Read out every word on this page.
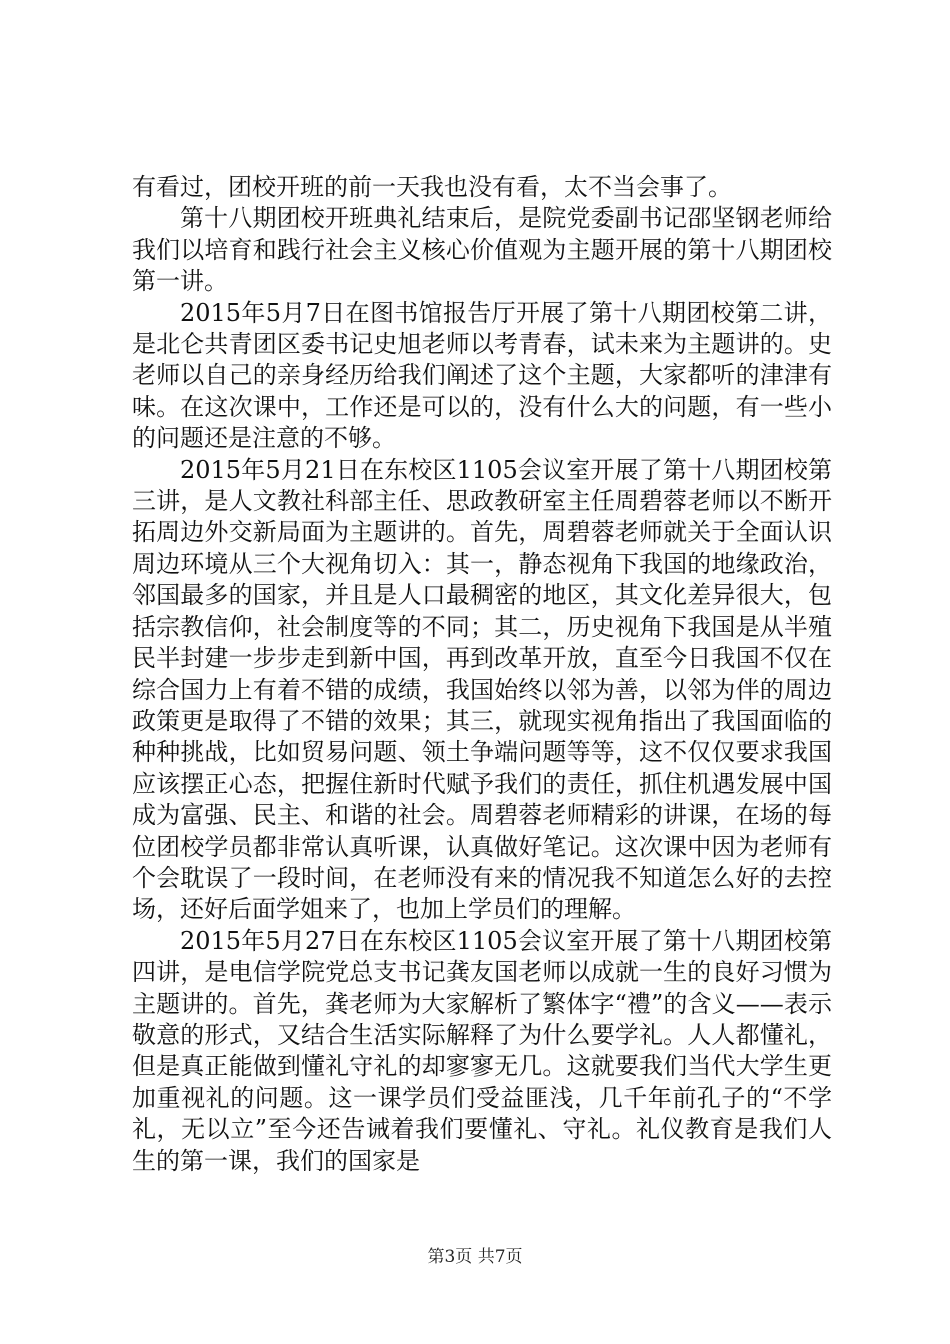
有看过，团校开班的前一天我也没有看，太不当会事了。

第十八期团校开班典礼结束后，是院党委副书记邵坚钢老师给我们以培育和践行社会主义核心价值观为主题开展的第十八期团校第一讲。

2015年5月7日在图书馆报告厅开展了第十八期团校第二讲，是北仑共青团区委书记史旭老师以考青春，试未来为主题讲的。史老师以自己的亲身经历给我们阐述了这个主题，大家都听的津津有味。在这次课中，工作还是可以的，没有什么大的问题，有一些小的问题还是注意的不够。

2015年5月21日在东校区1105会议室开展了第十八期团校第三讲，是人文教社科部主任、思政教研室主任周碧蓉老师以不断开拓周边外交新局面为主题讲的。首先，周碧蓉老师就关于全面认识周边环境从三个大视角切入：其一，静态视角下我国的地缘政治，邻国最多的国家，并且是人口最稠密的地区，其文化差异很大，包括宗教信仰，社会制度等的不同；其二，历史视角下我国是从半殖民半封建一步步走到新中国，再到改革开放，直至今日我国不仅在综合国力上有着不错的成绩，我国始终以邻为善，以邻为伴的周边政策更是取得了不错的效果；其三，就现实视角指出了我国面临的种种挑战，比如贸易问题、领土争端问题等等，这不仅仅要求我国应该摆正心态，把握住新时代赋予我们的责任，抓住机遇发展中国成为富强、民主、和谐的社会。周碧蓉老师精彩的讲课，在场的每位团校学员都非常认真听课，认真做好笔记。这次课中因为老师有个会耽误了一段时间，在老师没有来的情况我不知道怎么好的去控场，还好后面学姐来了，也加上学员们的理解。

2015年5月27日在东校区1105会议室开展了第十八期团校第四讲，是电信学院党总支书记龚友国老师以成就一生的良好习惯为主题讲的。首先，龚老师为大家解析了繁体字“禮”的含义——表示敬意的形式，又结合生活实际解释了为什么要学礼。人人都懂礼，但是真正能做到懂礼守礼的却寥寥无几。这就要我们当代大学生更加重视礼的问题。这一课学员们受益匪浅，几千年前孔子的“不学礼，无以立”至今还告诫着我们要懂礼、守礼。礼仪教育是我们人生的第一课，我们的国家是

第3页 共7页
